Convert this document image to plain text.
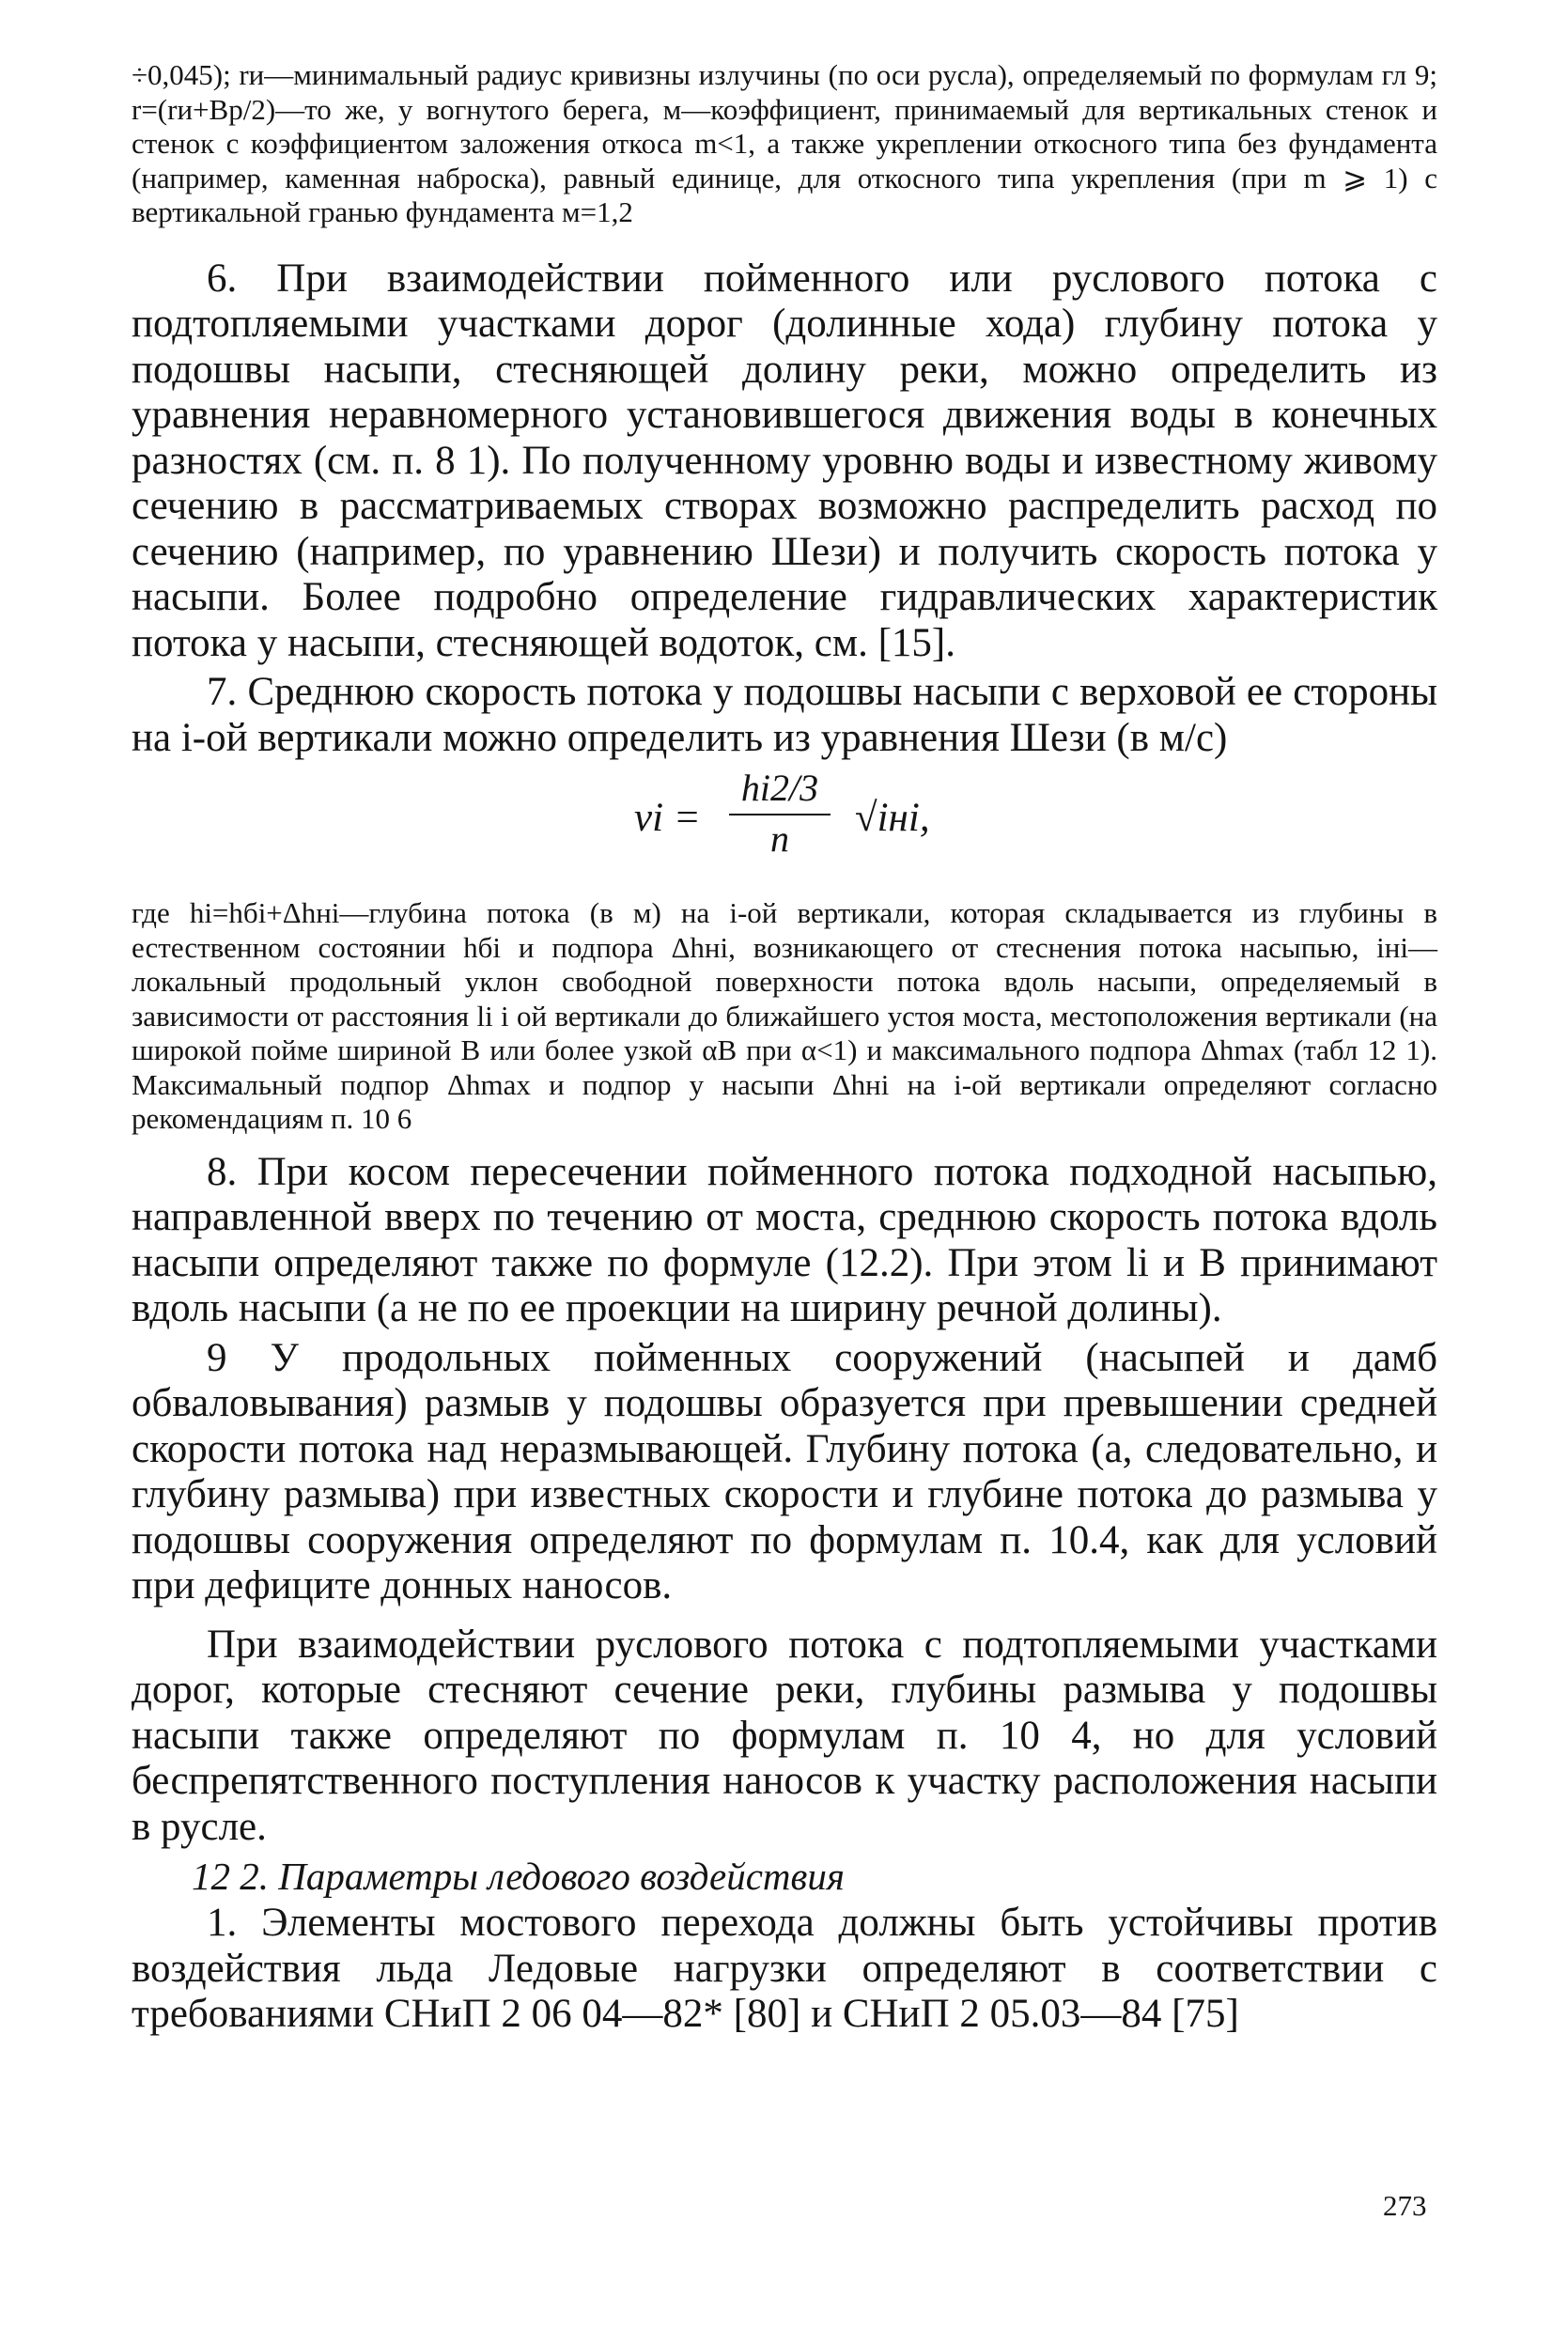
÷0,045); rи—минимальный радиус кривизны излучины (по оси русла), определяемый по формулам гл 9; r=(rи+Bр/2)—то же, у вогнутого берега, м—коэффициент, принимаемый для вертикальных стенок и стенок с коэффициентом заложения откоса m<1, а также укреплении откосного типа без фундамента (например, каменная наброска), равный единице, для откосного типа укрепления (при m ⩾ 1) с вертикальной гранью фундамента м=1,2

6. При взаимодействии пойменного или руслового потока с подтопляемыми участками дорог (долинные хода) глубину потока у подошвы насыпи, стесняющей долину реки, можно определить из уравнения неравномерного установившегося движения воды в конечных разностях (см. п. 8 1). По полученному уровню воды и известному живому сечению в рассматриваемых створах возможно распределить расход по сечению (например, по уравнению Шези) и получить скорость потока у насыпи. Более подробно определение гидравлических характеристик потока у насыпи, стесняющей водоток, см. [15].

7. Среднюю скорость потока у подошвы насыпи с верховой ее стороны на i-ой вертикали можно определить из уравнения Шези (в м/с)

vi =
hi2/3
n	√iнi,

где hi=hбi+Δhнi—глубина потока (в м) на i-ой вертикали, которая складывается из глубины в естественном состоянии hбi и подпора Δhнi, возникающего от стеснения потока насыпью, iнi—локальный продольный уклон свободной поверхности потока вдоль насыпи, определяемый в зависимости от расстояния li i ой вертикали до ближайшего устоя моста, местоположения вертикали (на широкой пойме шириной B или более узкой αB при α<1) и максимального подпора Δhmax (табл 12 1). Максимальный подпор Δhmax и подпор у насыпи Δhнi на i-ой вертикали определяют согласно рекомендациям п. 10 6

8. При косом пересечении пойменного потока подходной насыпью, направленной вверх по течению от моста, среднюю скорость потока вдоль насыпи определяют также по формуле (12.2). При этом li и B принимают вдоль насыпи (а не по ее проекции на ширину речной долины).

9 У продольных пойменных сооружений (насыпей и дамб обваловывания) размыв у подошвы образуется при превышении средней скорости потока над неразмывающей. Глубину потока (а, следовательно, и глубину размыва) при известных скорости и глубине потока до размыва у подошвы сооружения определяют по формулам п. 10.4, как для условий при дефиците донных наносов.

При взаимодействии руслового потока с подтопляемыми участками дорог, которые стесняют сечение реки, глубины размыва у подошвы насыпи также определяют по формулам п. 10 4, но для условий беспрепятственного поступления наносов к участку расположения насыпи в русле.

12 2. Параметры ледового воздействия

1. Элементы мостового перехода должны быть устойчивы против воздействия льда Ледовые нагрузки определяют в соответствии с требованиями СНиП 2 06 04—82* [80] и СНиП 2 05.03—84 [75]

273
